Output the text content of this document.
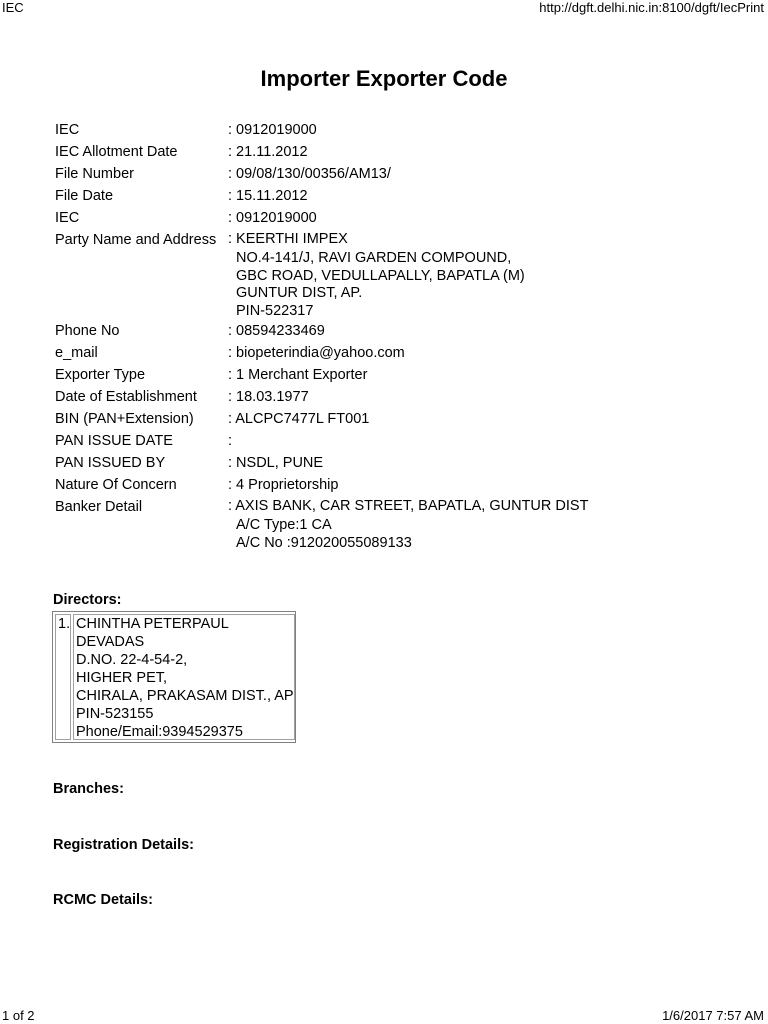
IEC	http://dgft.delhi.nic.in:8100/dgft/IecPrint
Importer Exporter Code
IEC	: 0912019000
IEC Allotment Date	: 21.11.2012
File Number	: 09/08/130/00356/AM13/
File Date	: 15.11.2012
IEC	: 0912019000
Party Name and Address : KEERTHI IMPEX
NO.4-141/J, RAVI GARDEN COMPOUND,
GBC ROAD, VEDULLAPALLY, BAPATLA (M)
GUNTUR DIST, AP.
PIN-522317
Phone No	: 08594233469
e_mail	: biopeterindia@yahoo.com
Exporter Type	: 1 Merchant Exporter
Date of Establishment	: 18.03.1977
BIN (PAN+Extension)	: ALCPC7477L FT001
PAN ISSUE DATE	:
PAN ISSUED BY	: NSDL, PUNE
Nature Of Concern	: 4 Proprietorship
Banker Detail	: AXIS BANK, CAR STREET, BAPATLA, GUNTUR DIST
A/C Type:1 CA
A/C No :912020055089133
Directors:
1. CHINTHA PETERPAUL
DEVADAS
D.NO. 22-4-54-2,
HIGHER PET,
CHIRALA, PRAKASAM DIST., AP
PIN-523155
Phone/Email:9394529375
Branches:
Registration Details:
RCMC Details:
1 of 2	1/6/2017 7:57 AM
